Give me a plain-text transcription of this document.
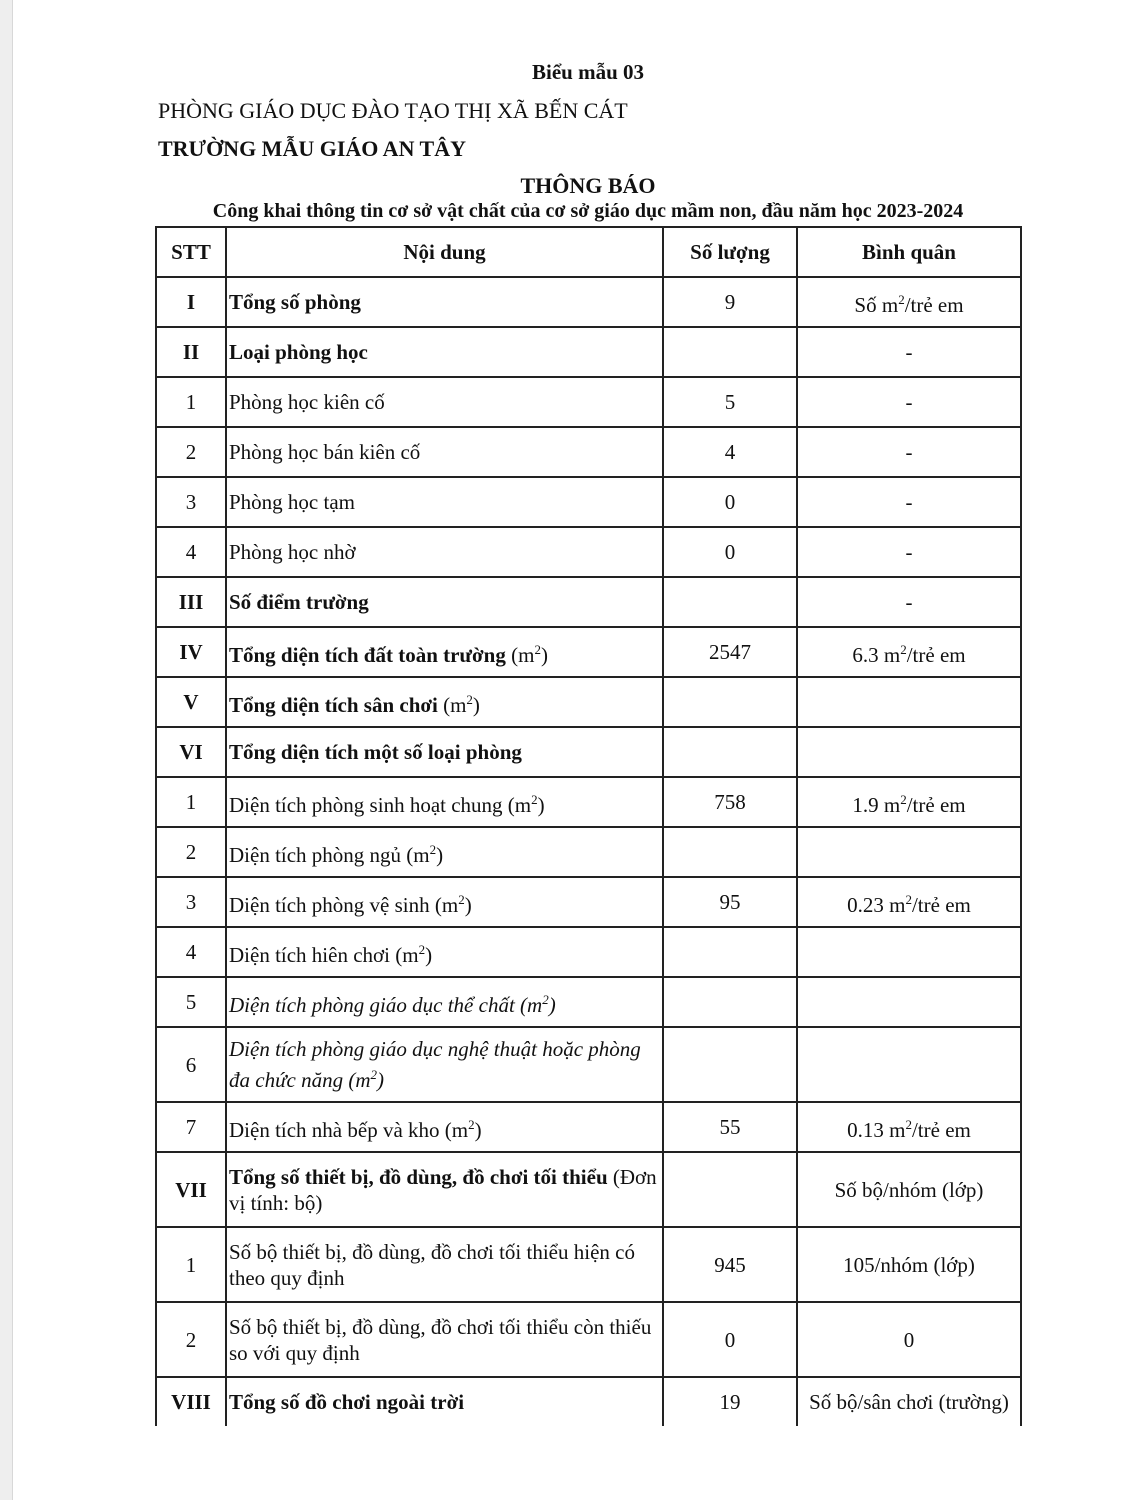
Biểu mẫu 03
PHÒNG GIÁO DỤC ĐÀO TẠO THỊ XÃ BẾN CÁT
TRƯỜNG MẪU GIÁO AN TÂY
THÔNG BÁO
Công khai thông tin cơ sở vật chất của cơ sở giáo dục mầm non, đầu năm học 2023-2024
STT	Nội dung	Số lượng	Bình quân
I	Tổng số phòng	9	Số $m^2$/trẻ em
II	Loại phòng học		-
1	Phòng học kiên cố	5	-
2	Phòng học bán kiên cố	4	-
3	Phòng học tạm	0	-
4	Phòng học nhờ	0	-
III	Số điểm trường		-
IV	Tổng diện tích đất toàn trường $(m^2)$	2547	6.3 $m^2$/trẻ em
V	Tổng diện tích sân chơi $(m^2)$		
VI	Tổng diện tích một số loại phòng		
1	Diện tích phòng sinh hoạt chung $(m^2)$	758	1.9 $m^2$/trẻ em
2	Diện tích phòng ngủ $(m^2)$		
3	Diện tích phòng vệ $\sinh (m^2)$	95	0.23 $m^2$/trẻ em
4	Diện tích hiên chơi $(m^2)$		
5	Diện tích phòng giáo dục thể chất $(m^2)$		
6	Diện tích phòng giáo dục nghệ thuật hoặc phòng đa chức năng $(m^2)$		
7	Diện tích nhà bếp và kho $(m^2)$	55	0.13 $m^2$/trẻ em
VII	Tổng số thiết bị, đồ dùng, đồ chơi tối thiểu (Đơn vị tính: bộ)		Số bộ/nhóm (lớp)
1	Số bộ thiết bị, đồ dùng, đồ chơi tối thiểu hiện có theo quy định	945	105/nhóm (lớp)
2	Số bộ thiết bị, đồ dùng, đồ chơi tối thiểu còn thiếu so với quy định	0	0
VIII	Tổng số đồ chơi ngoài trời	19	Số bộ/sân chơi (trường)
